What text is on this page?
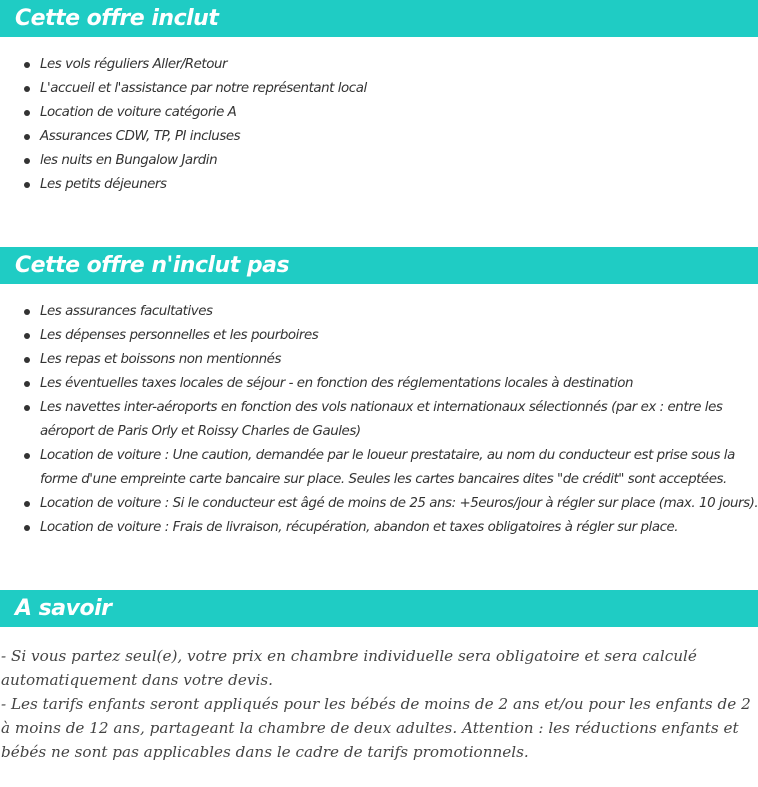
Cette offre inclut
Les vols réguliers Aller/Retour
L'accueil et l'assistance par notre représentant local
Location de voiture catégorie A
Assurances CDW, TP, PI incluses
les nuits en Bungalow Jardin
Les petits déjeuners
Cette offre n'inclut pas
Les assurances facultatives
Les dépenses personnelles et les pourboires
Les repas et boissons non mentionnés
Les éventuelles taxes locales de séjour - en fonction des réglementations locales à destination
Les navettes inter-aéroports en fonction des vols nationaux et internationaux sélectionnés (par ex : entre les aéroport de Paris Orly et Roissy Charles de Gaules)
Location de voiture : Une caution, demandée par le loueur prestataire, au nom du conducteur est prise sous la forme d'une empreinte carte bancaire sur place. Seules les cartes bancaires dites "de crédit" sont acceptées.
Location de voiture : Si le conducteur est âgé de moins de 25 ans: +5euros/jour à régler sur place (max. 10 jours).
Location de voiture : Frais de livraison, récupération, abandon et taxes obligatoires à régler sur place.
A savoir

- Si vous partez seul(e), votre prix en chambre individuelle sera obligatoire et sera calculé automatiquement dans votre devis.

- Les tarifs enfants seront appliqués pour les bébés de moins de 2 ans et/ou pour les enfants de 2 à moins de 12 ans, partageant la chambre de deux adultes. Attention : les réductions enfants et bébés ne sont pas applicables dans le cadre de tarifs promotionnels.
